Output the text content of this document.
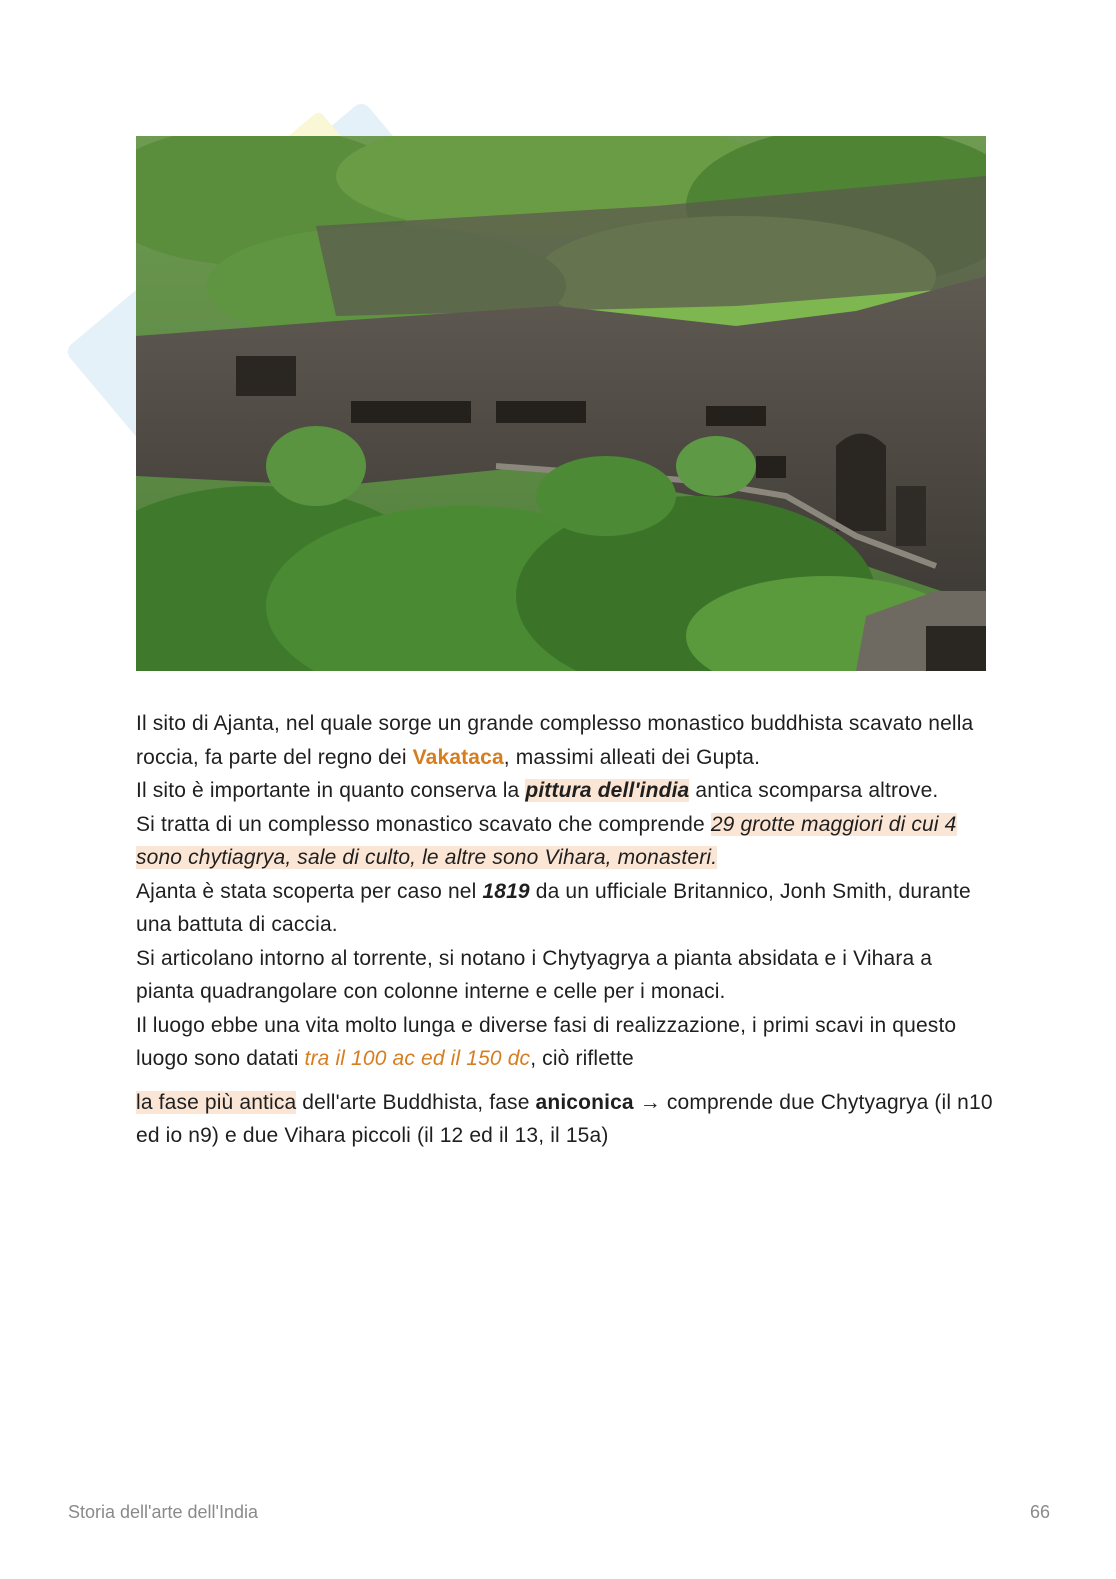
Il sito di Ajanta, nel quale sorge un grande complesso monastico buddhista scavato nella roccia, fa parte del regno dei Vakataca, massimi alleati dei Gupta.

Il sito è importante in quanto conserva la pittura dell'india antica scomparsa altrove.

Si tratta di un complesso monastico scavato che comprende 29 grotte maggiori di cui 4 sono chytiagrya, sale di culto, le altre sono Vihara, monasteri.

Ajanta è stata scoperta per caso nel 1819 da un ufficiale Britannico, Jonh Smith, durante una battuta di caccia.

Si articolano intorno al torrente, si notano i Chytyagrya a pianta absidata e i Vihara a pianta quadrangolare con colonne interne e celle per i monaci.

Il luogo ebbe una vita molto lunga e diverse fasi di realizzazione, i primi scavi in questo luogo sono datati tra il 100 ac ed il 150 dc, ciò riflette

la fase più antica dell'arte Buddhista, fase aniconica → comprende due Chytyagrya (il n10 ed io n9) e due Vihara piccoli (il 12 ed il 13, il 15a)

Storia dell'arte dell'India	66
